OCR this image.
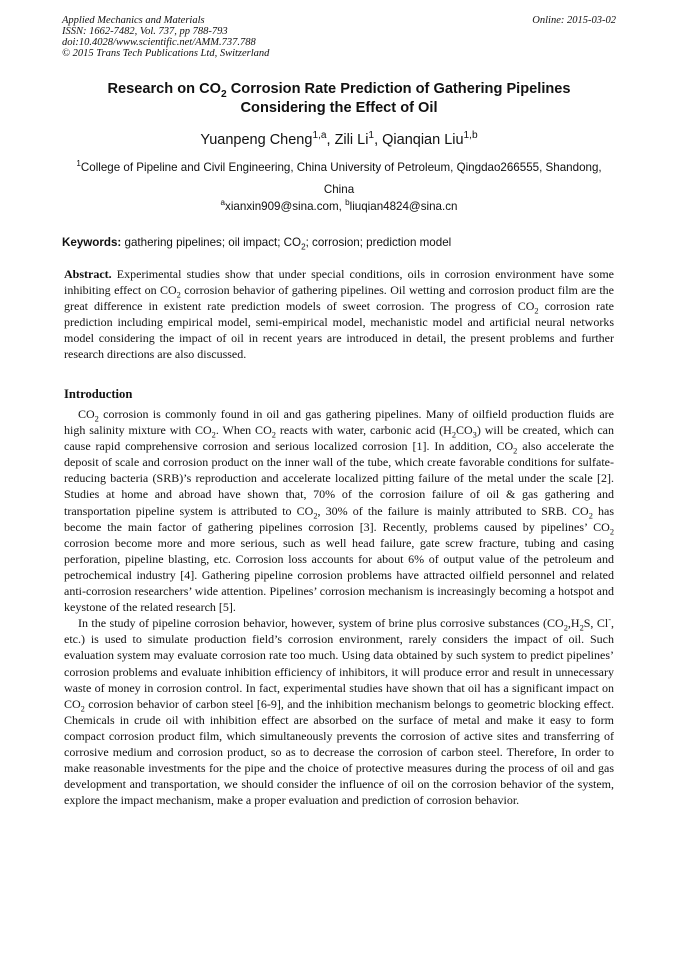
Applied Mechanics and Materials
ISSN: 1662-7482, Vol. 737, pp 788-793
doi:10.4028/www.scientific.net/AMM.737.788
© 2015 Trans Tech Publications Ltd, Switzerland
Online: 2015-03-02
Research on $CO_2$ Corrosion Rate Prediction of Gathering Pipelines
Considering the Effect of Oil
Yuanpeng Cheng$^{1,a}$, Zili Li$^1$, Qianqian Liu$^{1,b}$
$^1$College of Pipeline and Civil Engineering, China University of Petroleum, Qingdao266555, Shandong, China
$^a$xianxin909@sina.com, $^b$liuqian4824@sina.cn
Keywords: gathering pipelines; oil impact; $CO_2$; corrosion; prediction model
Abstract. Experimental studies show that under special conditions, oils in corrosion environment have some inhibiting effect on $CO_2$ corrosion behavior of gathering pipelines. Oil wetting and corrosion product film are the great difference in existent rate prediction models of sweet corrosion. The progress of $CO_2$ corrosion rate prediction including empirical model, semi-empirical model, mechanistic model and artificial neural networks model considering the impact of oil in recent years are introduced in detail, the present problems and further research directions are also discussed.
Introduction

$CO_2$ corrosion is commonly found in oil and gas gathering pipelines. Many of oilfield production fluids are high salinity mixture with $CO_2$. When $CO_2$ reacts with water, carbonic acid $(H_2CO_3)$ will be created, which can cause rapid comprehensive corrosion and serious localized corrosion [1]. In addition, $CO_2$ also accelerate the deposit of scale and corrosion product on the inner wall of the tube, which create favorable conditions for sulfate-reducing bacteria (SRB)’s reproduction and accelerate localized pitting failure of the metal under the scale [2]. Studies at home and abroad have shown that, 70% of the corrosion failure of oil & gas gathering and transportation pipeline system is attributed to $CO_2$, 30% of the failure is mainly attributed to SRB. $CO_2$ has become the main factor of gathering pipelines corrosion [3]. Recently, problems caused by pipelines’ $CO_2$ corrosion become more and more serious, such as well head failure, gate screw fracture, tubing and casing perforation, pipeline blasting, etc. Corrosion loss accounts for about 6% of output value of the petroleum and petrochemical industry [4]. Gathering pipeline corrosion problems have attracted oilfield personnel and related anti-corrosion researchers’ wide attention. Pipelines’ corrosion mechanism is increasingly becoming a hotspot and keystone of the related research [5].

In the study of pipeline corrosion behavior, however, system of brine plus corrosive substances ($CO_2,H_2S$, Cl-, etc.) is used to simulate production field’s corrosion environment, rarely considers the impact of oil. Such evaluation system may evaluate corrosion rate too much. Using data obtained by such system to predict pipelines’ corrosion problems and evaluate inhibition efficiency of inhibitors, it will produce error and result in unnecessary waste of money in corrosion control. In fact, experimental studies have shown that oil has a significant impact on $CO_2$ corrosion behavior of carbon steel [6-9], and the inhibition mechanism belongs to geometric blocking effect. Chemicals in crude oil with inhibition effect are absorbed on the surface of metal and make it easy to form compact corrosion product film, which simultaneously prevents the corrosion of active sites and transferring of corrosive medium and corrosion product, so as to decrease the corrosion of carbon steel. Therefore, In order to make reasonable investments for the pipe and the choice of protective measures during the process of oil and gas development and transportation, we should consider the influence of oil on the corrosion behavior of the system, explore the impact mechanism, make a proper evaluation and prediction of corrosion behavior.
